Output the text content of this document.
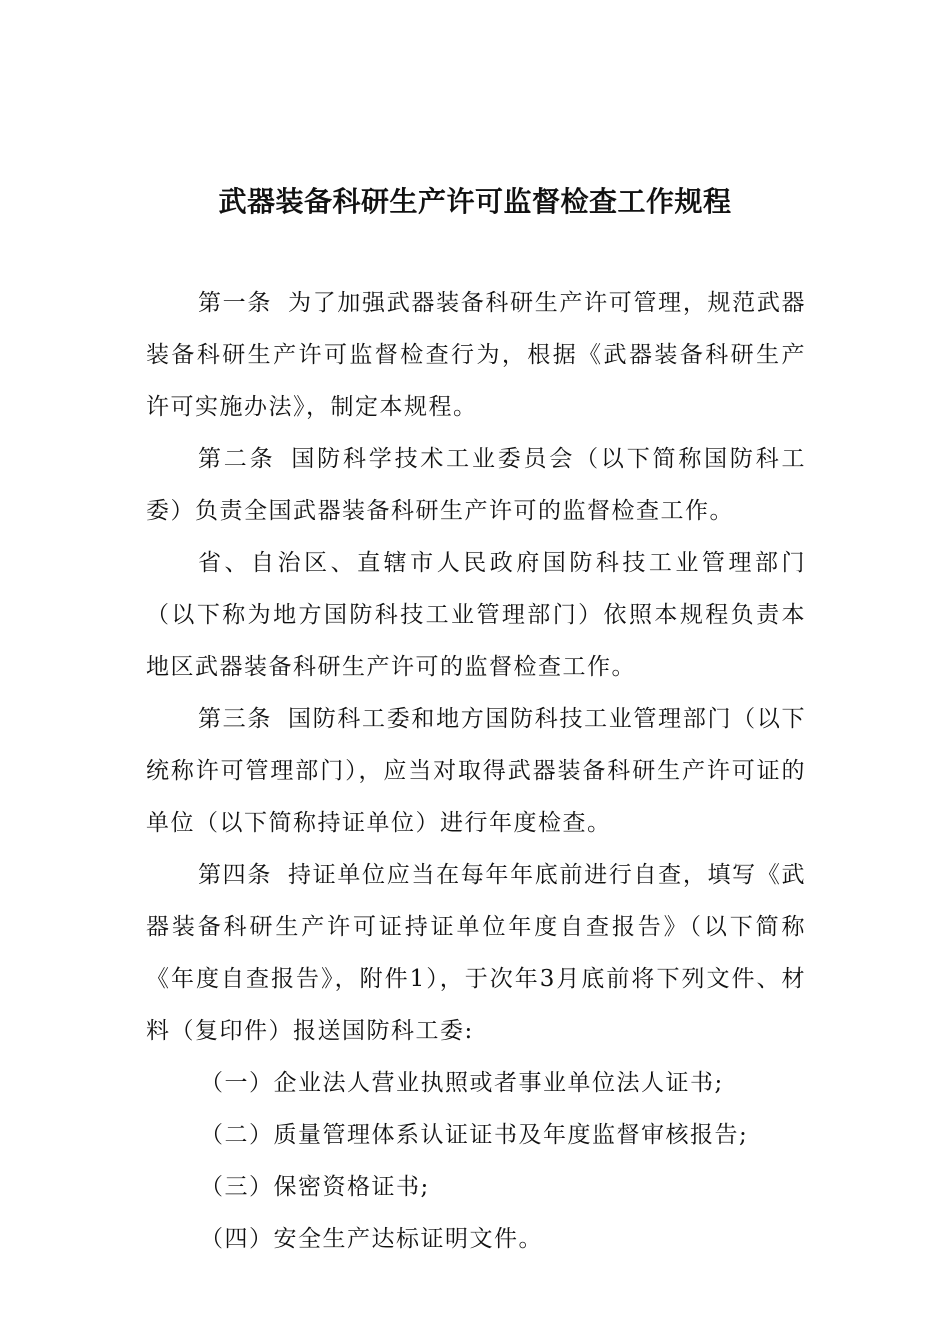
武器装备科研生产许可监督检查工作规程

第一条 为了加强武器装备科研生产许可管理，规范武器装备科研生产许可监督检查行为，根据《武器装备科研生产许可实施办法》，制定本规程。

第二条 国防科学技术工业委员会（以下简称国防科工委）负责全国武器装备科研生产许可的监督检查工作。

省、自治区、直辖市人民政府国防科技工业管理部门（以下称为地方国防科技工业管理部门）依照本规程负责本地区武器装备科研生产许可的监督检查工作。

第三条 国防科工委和地方国防科技工业管理部门（以下统称许可管理部门），应当对取得武器装备科研生产许可证的单位（以下简称持证单位）进行年度检查。

第四条 持证单位应当在每年年底前进行自查，填写《武器装备科研生产许可证持证单位年度自查报告》（以下简称《年度自查报告》，附件1），于次年3月底前将下列文件、材料（复印件）报送国防科工委:

（一）企业法人营业执照或者事业单位法人证书;

（二）质量管理体系认证证书及年度监督审核报告;

（三）保密资格证书;

（四）安全生产达标证明文件。
